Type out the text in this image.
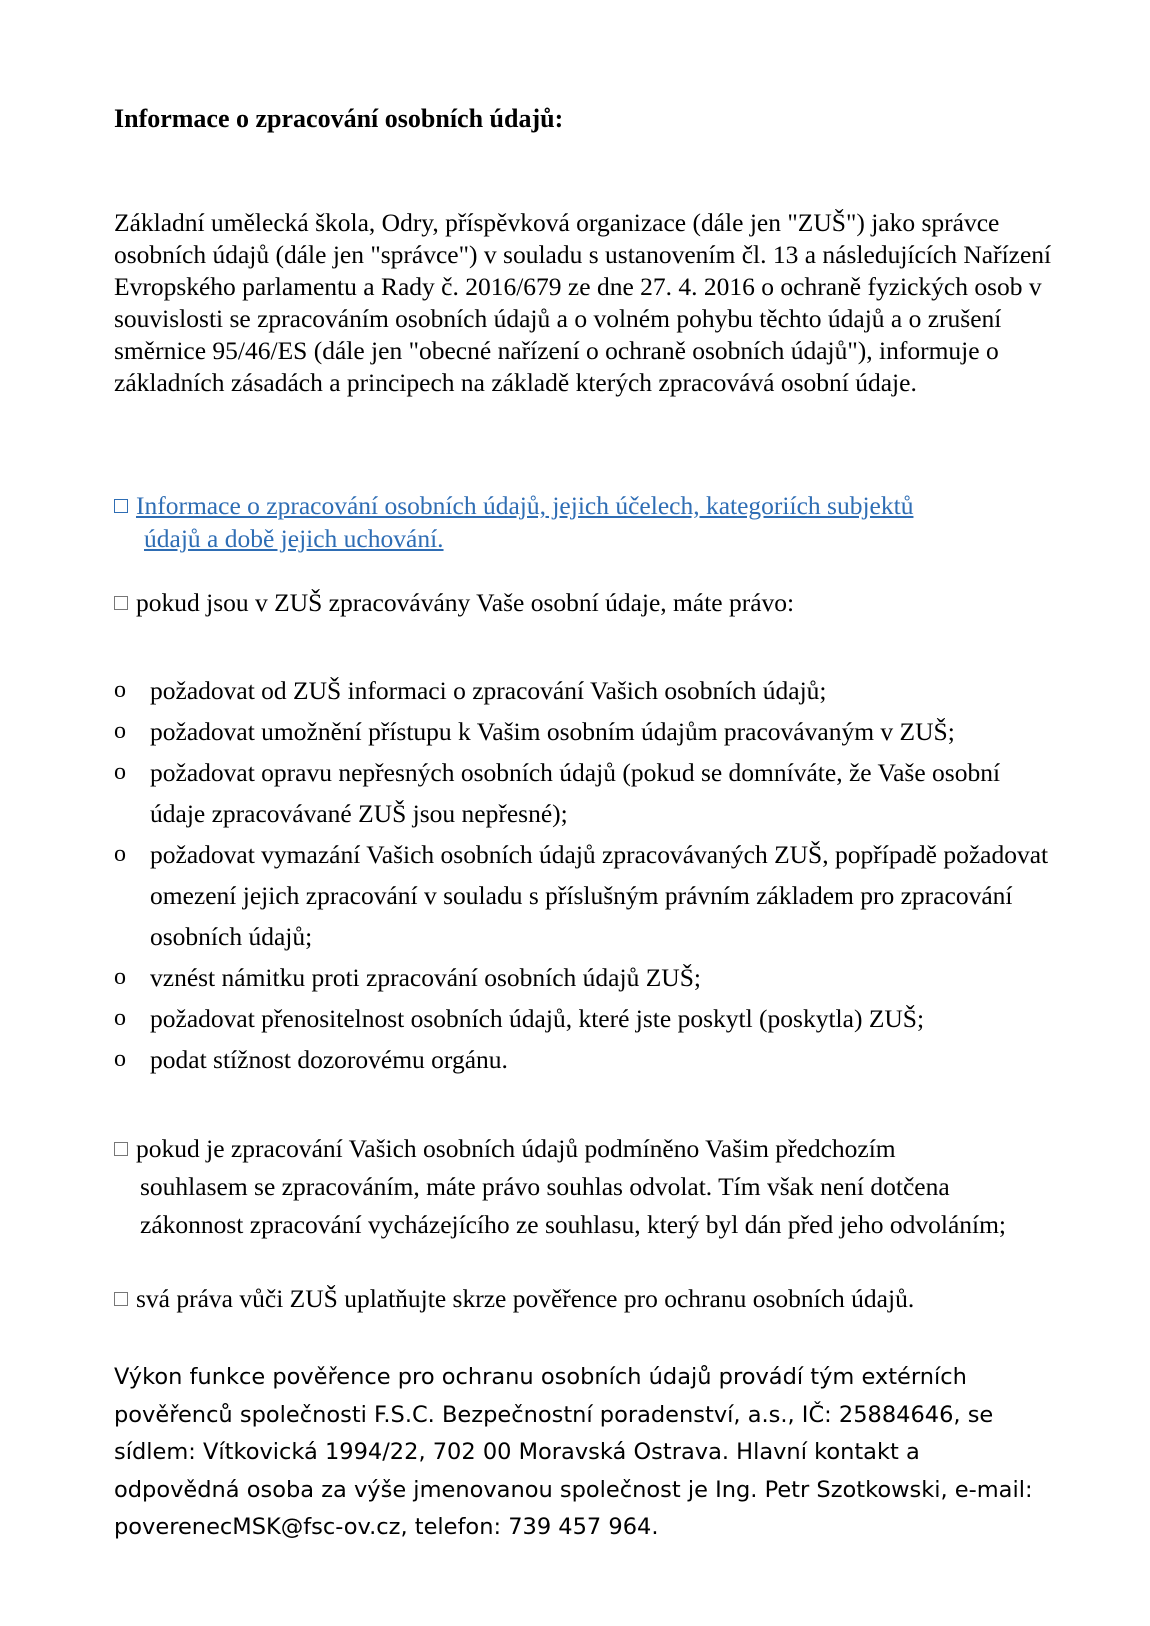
Informace o zpracování osobních údajů:

Základní umělecká škola, Odry, příspěvková organizace (dále jen "ZUŠ") jako správce osobních údajů (dále jen "správce") v souladu s ustanovením čl. 13 a následujících Nařízení Evropského parlamentu a Rady č. 2016/679 ze dne 27. 4. 2016 o ochraně fyzických osob v souvislosti se zpracováním osobních údajů a o volném pohybu těchto údajů a o zrušení směrnice 95/46/ES (dále jen "obecné nařízení o ochraně osobních údajů"), informuje o základních zásadách a principech na základě kterých zpracovává osobní údaje.

Informace o zpracování osobních údajů, jejich účelech, kategoriích subjektů
údajů a době jejich uchování.
pokud jsou v ZUŠ zpracovávány Vaše osobní údaje, máte právo:
o požadovat od ZUŠ informaci o zpracování Vašich osobních údajů;
o požadovat umožnění přístupu k Vašim osobním údajům pracovávaným v ZUŠ;
o požadovat opravu nepřesných osobních údajů (pokud se domníváte, že Vaše osobní údaje zpracovávané ZUŠ jsou nepřesné);
o požadovat vymazání Vašich osobních údajů zpracovávaných ZUŠ, popřípadě požadovat omezení jejich zpracování v souladu s příslušným právním základem pro zpracování osobních údajů;
o vznést námitku proti zpracování osobních údajů ZUŠ;
o požadovat přenositelnost osobních údajů, které jste poskytl (poskytla) ZUŠ;
o podat stížnost dozorovému orgánu.
pokud je zpracování Vašich osobních údajů podmíněno Vašim předchozím
souhlasem se zpracováním, máte právo souhlas odvolat. Tím však není dotčena zákonnost zpracování vycházejícího ze souhlasu, který byl dán před jeho odvoláním;
svá práva vůči ZUŠ uplatňujte skrze pověřence pro ochranu osobních údajů.

Výkon funkce pověřence pro ochranu osobních údajů provádí tým extérních pověřenců společnosti F.S.C. Bezpečnostní poradenství, a.s., IČ: 25884646, se sídlem: Vítkovická 1994/22, 702 00 Moravská Ostrava. Hlavní kontakt a odpovědná osoba za výše jmenovanou společnost je Ing. Petr Szotkowski, e-mail: poverenecMSK@fsc-ov.cz, telefon: 739 457 964.
